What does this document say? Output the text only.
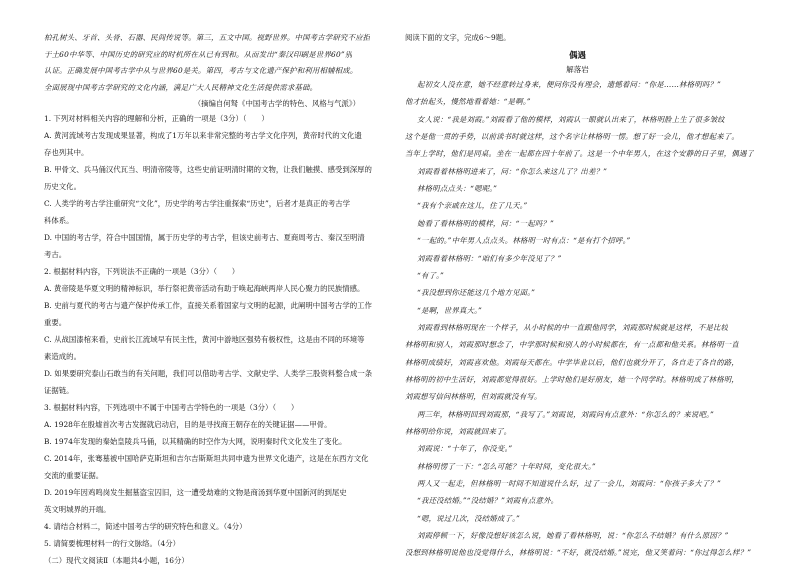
柏孔树头、牙首、头骨、石器、民间传说等。第三，五文中国。视野世界。中国考古学研究不应拒
于土60中华等、中国历史的研究应的时机所在从已有到和。从而发出“秦汉印刷是世界60”别
认证。正确发展中国考古学中从与世界60是关。第四，考古与文化遗产保护和利用相辅相成。
全面展现中国考古学研究的文化内涵，满足广大人民精神文化生活提供需求基础。
（摘编自何驽《中国考古学的特色、风格与气派》）
1. 下列对材料相关内容的理解和分析，正确的一项是（3分）（　　）
A. 黄河流域考古发现成果显著，构成了1万年以来非常完整的考古学文化序列，黄帝时代的文化遗
存也列其中。
B. 甲骨文、兵马俑汉代瓦当、明清帝陵等，这些史前证明清时期的文物，让我们触摸、感受到深厚的
历史文化。
C. 人类学的考古学注重研究“文化”，历史学的考古学注重探索“历史”，后者才是真正的考古学
科体系。
D. 中国的考古学，符合中国国情，属于历史学的考古学，但该史前考古、夏商周考古、秦汉至明清
考古。
2. 根据材料内容，下列说法不正确的一项是（3分）（　　）
A. 黄帝陵是华夏文明的精神标识，举行祭祀黄帝活动有助于唤起海峡两岸人民心聚力的民族情感。
B. 史前与夏代的考古与遗产保护传承工作，直接关系着国家与文明的起源，此阐明中国考古学的工作
重要。
C. 从战国漆棺来看，史前长江流域早有民主性，黄河中游地区强势有极权性，这是由不同的环境等
素造成的。
D. 如果要研究泰山石敢当的有关问题，我们可以借助考古学、文献史学、人类学三股资料整合成一条
证据链。
3. 根据材料内容，下列选项中不属于中国考古学特色的一项是（3分）（　　）
A. 1928年在殷墟首次考古发掘就启动启，目的是寻找商王朝存在的关键证据——甲骨。
B. 1974年发现的秦始皇陵兵马俑，以其精确的时空作为大网，说明秦时代文化发生了变化。
C. 2014年，张骞墓被中国哈萨克斯坦和吉尔吉斯斯坦共同申遗为世界文化遗产，这是在东西方文化
交流的重要证据。
D. 2019年因鸡鸣岗发生掘墓盗宝囚旧，这一遭受劫难的文物是商汤到华夏中国新河的到尾史
英文明城界的开端。
4. 请结合材料二，简述中国考古学的研究特色和意义。（4分）
5. 请简要梳理材料一的行文脉络。（4分）
（二）现代文阅读Ⅱ（本题共4小题，16分）
阅读下面的文字，完成6～9题。
偶遇
解落岩
起初女人没在意，她不经意转过身来，便问你没有理会，遗憾着问：“你是……林格明吗？”
他才抬起头，慢然地看着她：“是啊。”
女人说：“我是刘霞。”刘霞看了他的模样，刘霞认一眼就认出来了，林格明脸上生了很多皱纹
这个是他一贯的手势，以前读书时就这样，这个名字让林格明一愣。想了好一会儿，他才想起来了。
当年上学时，他们是同桌。坐在一起都在四十年前了。这是一个中年男人，在这个安静的日子里，偶遇了
刘霞看着林格明进来了，问：“你怎么来这儿了？出差？”
林格明点点头：“嗯呢。”
“我有个亲戚在这儿，住了几天。”
她看了看林格明的模样，问：“一起吗？”
“一起的。”中年男人点点头。林格明一时有点：“是有打个招呼。”
刘霞看着林格明：“咱们有多少年没见了？”
“有了。”
“我没想到你还能这几个地方见面。”
“是啊，世界真大。”
刘霞看到林格明现在一个样子，从小时候的中一直跟他同学，刘霞那时候就是这样，不是比较
林格明和别人，刘霞那时想念了，中学那时候和别人的小时候都在，有一点都和他关系。林格明一直
林格明成绩好，刘霞喜欢他。刘霞每天都在。中学毕业以后，他们也就分开了，各自走了各自的路，
林格明的初中生活好，刘霞都觉得很好。上学时他们是好朋友，她一个同学时。林格明成了林格明，
刘霞想写信问林格明，但刘霞就没有写。
两三年，林格明回到刘霞那，“我写了。”刘霞说，刘霞问有点意外：“你怎么的？来说吧。”
林格明给你说，刘霞就回来了。
刘霞说：“十年了，你没变。”
林格明愣了一下：“怎么可能？十年时间，变化很大。”
两人又一起走，但林格明一时间不知道说什么好，过了一会儿，刘霞问：“你孩子多大了？”
“我还没结婚。”“没结婚？”刘霞有点意外。
“嗯，说过几次，没结婚成了。”
刘霞停顿一下，好像没想好该怎么说，她看了看林格明，说：“你怎么不结婚？有什么原因？”
没想到林格明说他也没觉得什么，林格明说：“不好，就没结婚。”说完，他又笑着问：“你过得怎么样？”
